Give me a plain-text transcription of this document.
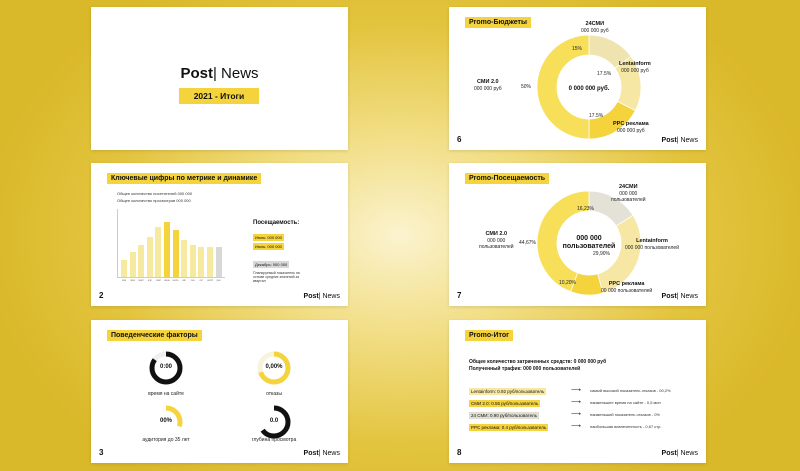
Post| News
2021 - Итоги
Ключевые цифры по метрике и динамике
Общее количество посетителей 000 000
Общее количество просмотров 000 000
янв	фев	март	апр	май	июнь	июль	авг	сен	окт	нояб	дек
Посещаемость:
Июнь: 000 000
Июль: 000 000
Декабрь: 000 000
Планируемый показатель на
основе средних значений за
квартал
2	Post| News
Поведенческие факторы
0:00
время на сайте
0,00%
отказы
00%
аудитория до 35 лет
0.0
глубина просмотра
3	Post| News
Promo-Бюджеты
0 000 000 руб.
24СМИ
000 000 руб
Lentainform
000 000 руб
PPC реклама
000 000 руб
СМИ 2.0
000 000 руб
15%
17.5%
17.5%
50%
6	Post| News
Promo-Посещаемость
000 000
пользователей
24СМИ
000 000
пользователей
Lentainform
000 000 пользователей
PPC реклама
00 000 пользователей
СМИ 2.0
000 000
пользователей
16,23%
29,90%
10,20%
44,67%
7	Post| News
Promo-Итог
Общее количество затраченных средств: 0 000 000 руб
Полученный трафик: 000 000 пользователей
Lentainform: 0.92 руб/пользователь	⟶ самый высокий показатель отказов - 00,2%
СМИ 2.0: 0.55 руб/пользователь	⟶ наименьшее время на сайте - 0,5 мин
24 СМИ: 0.90 руб/пользователь	⟶ наименьший показатель отказов - 0%
PPC реклама: 0.4 руб/пользователь	⟶ наибольшая вовлеченность - 0,67 стр.
8	Post| News
